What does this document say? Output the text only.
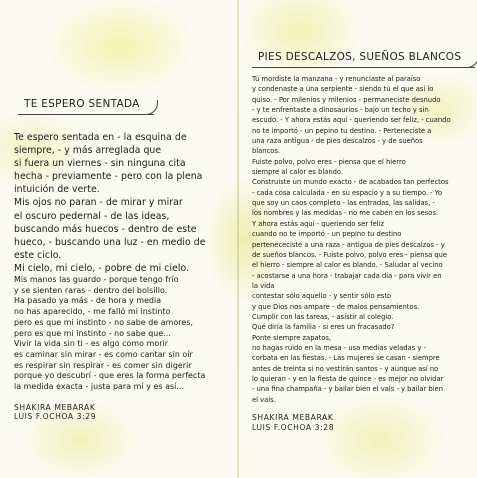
TE ESPERO SENTADA

Te espero sentada en - la esquina de

siempre, - y más arreglada que

si fuera un viernes - sin ninguna cita

hecha - previamente - pero con la plena

intuición de verte.

Mis ojos no paran - de mirar y mirar

el oscuro pedernal - de las ideas,

buscando más huecos - dentro de este

hueco, - buscando una luz - en medio de

este ciclo.

Mi cielo, mi cielo, - pobre de mi cielo.

Mis manos las guardo - porque tengo frío

y se sienten raras - dentro del bolsillo.

Ha pasado ya más - de hora y media

no has aparecido, - me falló mi instinto

pero es que mi instinto - no sabe de amores,

pero es que mi instinto - no sabe que...

Vivir la vida sin ti - es algo como morir

es caminar sin mirar - es como cantar sin oír

es respirar sin respirar - es comer sin digerir

porque yo descubrí - que eres la forma perfecta

la medida exacta - justa para mí y es así...

SHAKIRA MEBARAK

LUIS F.OCHOA 3:29

PIES DESCALZOS, SUEÑOS BLANCOS

Tú mordiste la manzana - y renunciaste al paraíso

y condenaste a una serpiente - siendo tú el que así lo

quiso. - Por milenios y milenios - permaneciste desnudo

- y te enfrentaste a dinosaurios - bajo un techo y sin

escudo. - Y ahora estás aquí - queriendo ser feliz, - cuando

no te importó - un pepino tu destino. - Perteneciste a

una raza antigua - de pies descalzos - y de sueños

blancos.

Fuiste polvo, polvo eres - piensa que el hierro

siempre al calor es blando.

Construiste un mundo exacto - de acabados tan perfectos

- cada cosa calculada - en su espacio y a su tiempo. - Yo

que soy un caos completo - las entradas, las salidas, -

los nombres y las medidas - no me caben en los sesos.

Y ahora estás aquí - queriendo ser feliz

cuando no te importó - un pepino tu destino

pertenececiste a una raza - antigua de pies descalzos - y

de sueños blancos. - Fuiste polvo, polvo eres - piensa que

el hierro - siempre al calor es blando. - Saludar al vecino

- acostarse a una hora - trabajar cada día - para vivir en

la vida

contestar sólo aquello - y sentir sólo esto

y que Dios nos ampare - de malos pensamientos.

Cumplir con las tareas, - asistir al colegio.

Qué diría la familia - si eres un fracasado?

Ponte siempre zapatos,

no hagas ruido en la mesa - usa medias veladas y -

corbata en las fiestas. - Las mujeres se casan - siempre

antes de treinta si no vestirán santos - y aunque así no

lo quieran - y en la fiesta de quince - es mejor no olvidar

- una fina champaña - y bailar bien el vals - y bailar bien

el vals.

SHAKIRA MEBARAK

LUIS F.OCHOA 3:28
